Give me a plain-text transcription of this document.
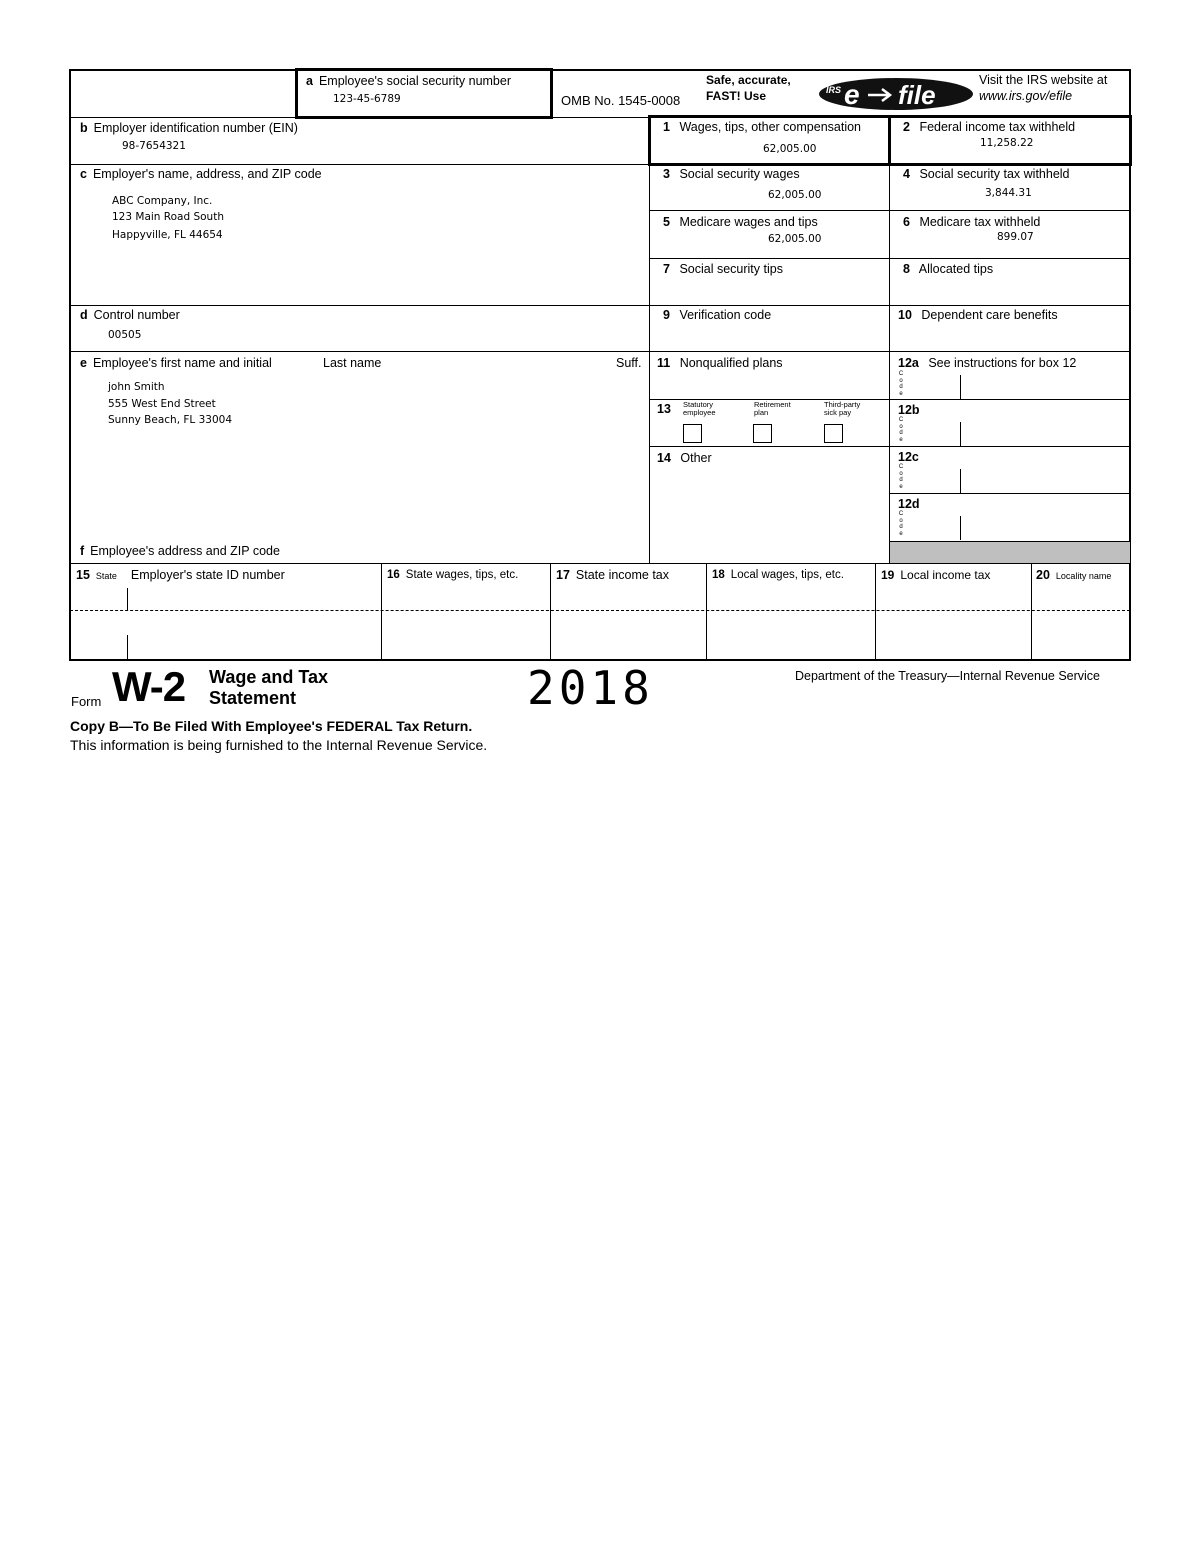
a Employee's social security number
123-45-6789	OMB No. 1545-0008
Safe, accurate,
FAST! Use	IRS e file	Visit the IRS website at
www.irs.gov/efile
b Employer identification number (EIN)
98-7654321
c Employer's name, address, and ZIP code
ABC Company, Inc.
123 Main Road South
Happyville, FL 44654
d Control number
00505
e Employee's first name and initial	Last name	Suff.
john Smith
555 West End Street
Sunny Beach, FL 33004
f Employee's address and ZIP code
1 Wages, tips, other compensation
62,005.00
3 Social security wages
62,005.00
5 Medicare wages and tips
62,005.00
7 Social security tips
9 Verification code
11 Nonqualified plans
13	Statutory
employee
Retirement
plan
Third-party
sick pay
14 Other
2 Federal income tax withheld
11,258.22
4 Social security tax withheld
3,844.31
6 Medicare tax withheld
899.07
8 Allocated tips
10 Dependent care benefits
12a See instructions for box 12
12b
12c
12d
C
o
d
e
C
o
d
e
C
o
d
e
C
o
d
e
15 State Employer's state ID number	16 State wages, tips, etc.	17 State income tax	18 Local wages, tips, etc.	19 Local income tax	20 Locality name
Form W-2 Wage and Tax
Statement	2018	Department of the Treasury—Internal Revenue Service
Copy B—To Be Filed With Employee's FEDERAL Tax Return.
This information is being furnished to the Internal Revenue Service.
